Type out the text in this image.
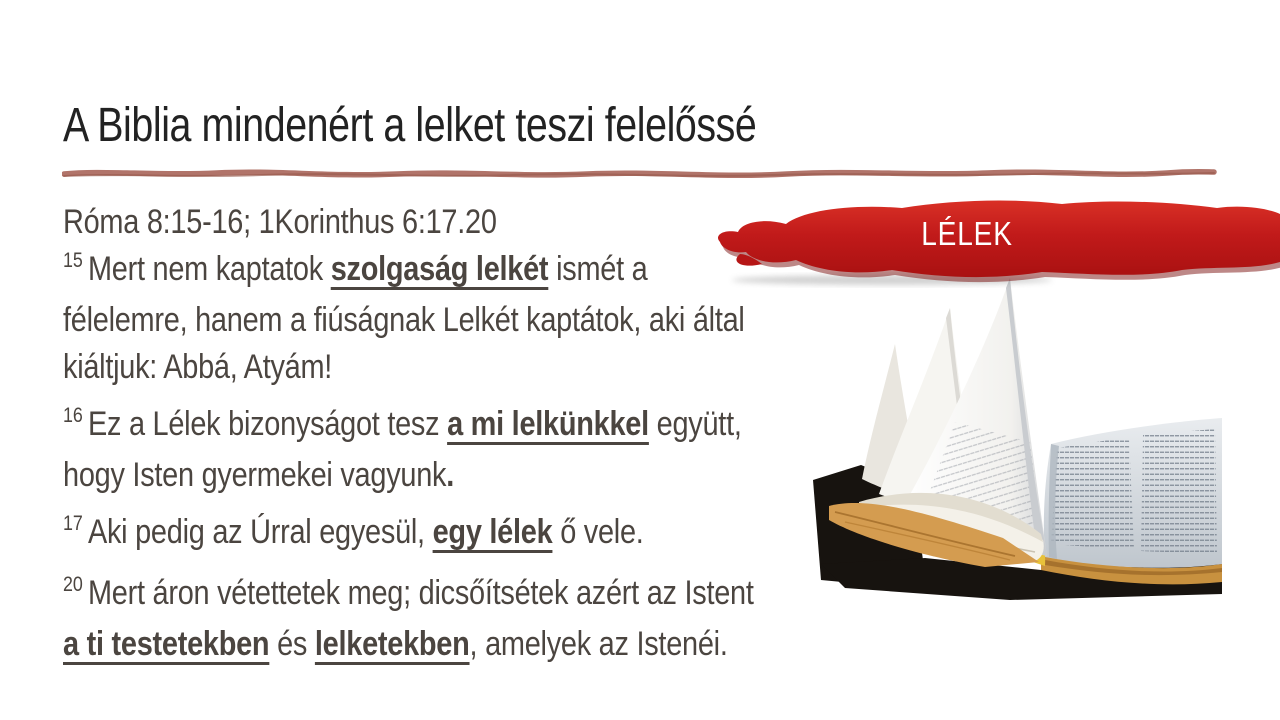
LÉLEK
A Biblia mindenért a lelket teszi felelőssé
Róma 8:15-16; 1Korinthus 6:17.20

$^{15}$ Mert nem kaptatok szolgaság lelkét ismét a
félelemre, hanem a fiúságnak Lelkét kaptátok, aki által
kiáltjuk: Abbá, Atyám!

$^{16}$ Ez a Lélek bizonyságot tesz a mi lelkünkkel együtt,
hogy Isten gyermekei vagyunk.

$^{17}$ Aki pedig az Úrral egyesül, egy lélek ő vele.

$^{20}$ Mert áron vétettetek meg; dicsőítsétek azért az Istent
a ti testetekben és lelketekben, amelyek az Istenéi.
